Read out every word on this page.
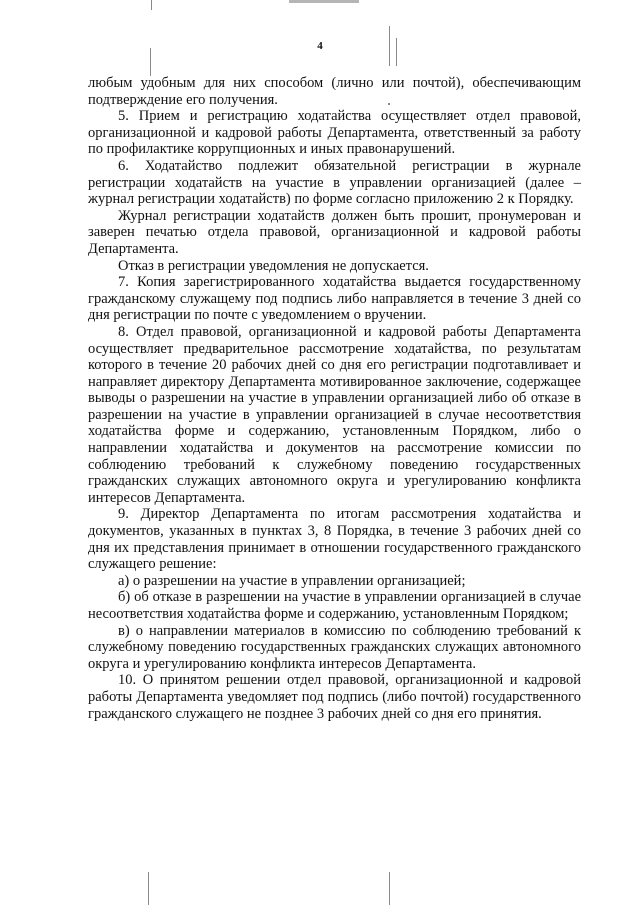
4

любым удобным для них способом (лично или почтой), обеспечивающим подтверждение его получения.

5. Прием и регистрацию ходатайства осуществляет отдел правовой, организационной и кадровой работы Департамента, ответственный за работу по профилактике коррупционных и иных правонарушений.

6. Ходатайство подлежит обязательной регистрации в журнале регистрации ходатайств на участие в управлении организацией (далее – журнал регистрации ходатайств) по форме согласно приложению 2 к Порядку.

Журнал регистрации ходатайств должен быть прошит, пронумерован и заверен печатью отдела правовой, организационной и кадровой работы Департамента.

Отказ в регистрации уведомления не допускается.

7. Копия зарегистрированного ходатайства выдается государственному гражданскому служащему под подпись либо направляется в течение 3 дней со дня регистрации по почте с уведомлением о вручении.

8. Отдел правовой, организационной и кадровой работы Департамента осуществляет предварительное рассмотрение ходатайства, по результатам которого в течение 20 рабочих дней со дня его регистрации подготавливает и направляет директору Департамента мотивированное заключение, содержащее выводы о разрешении на участие в управлении организацией либо об отказе в разрешении на участие в управлении организацией в случае несоответствия ходатайства форме и содержанию, установленным Порядком, либо о направлении ходатайства и документов на рассмотрение комиссии по соблюдению требований к служебному поведению государственных гражданских служащих автономного округа и урегулированию конфликта интересов Департамента.

9. Директор Департамента по итогам рассмотрения ходатайства и документов, указанных в пунктах 3, 8 Порядка, в течение 3 рабочих дней со дня их представления принимает в отношении государственного гражданского служащего решение:

а) о разрешении на участие в управлении организацией;

б) об отказе в разрешении на участие в управлении организацией в случае несоответствия ходатайства форме и содержанию, установленным Порядком;

в) о направлении материалов в комиссию по соблюдению требований к служебному поведению государственных гражданских служащих автономного округа и урегулированию конфликта интересов Департамента.

10. О принятом решении отдел правовой, организационной и кадровой работы Департамента уведомляет под подпись (либо почтой) государственного гражданского служащего не позднее 3 рабочих дней со дня его принятия.
